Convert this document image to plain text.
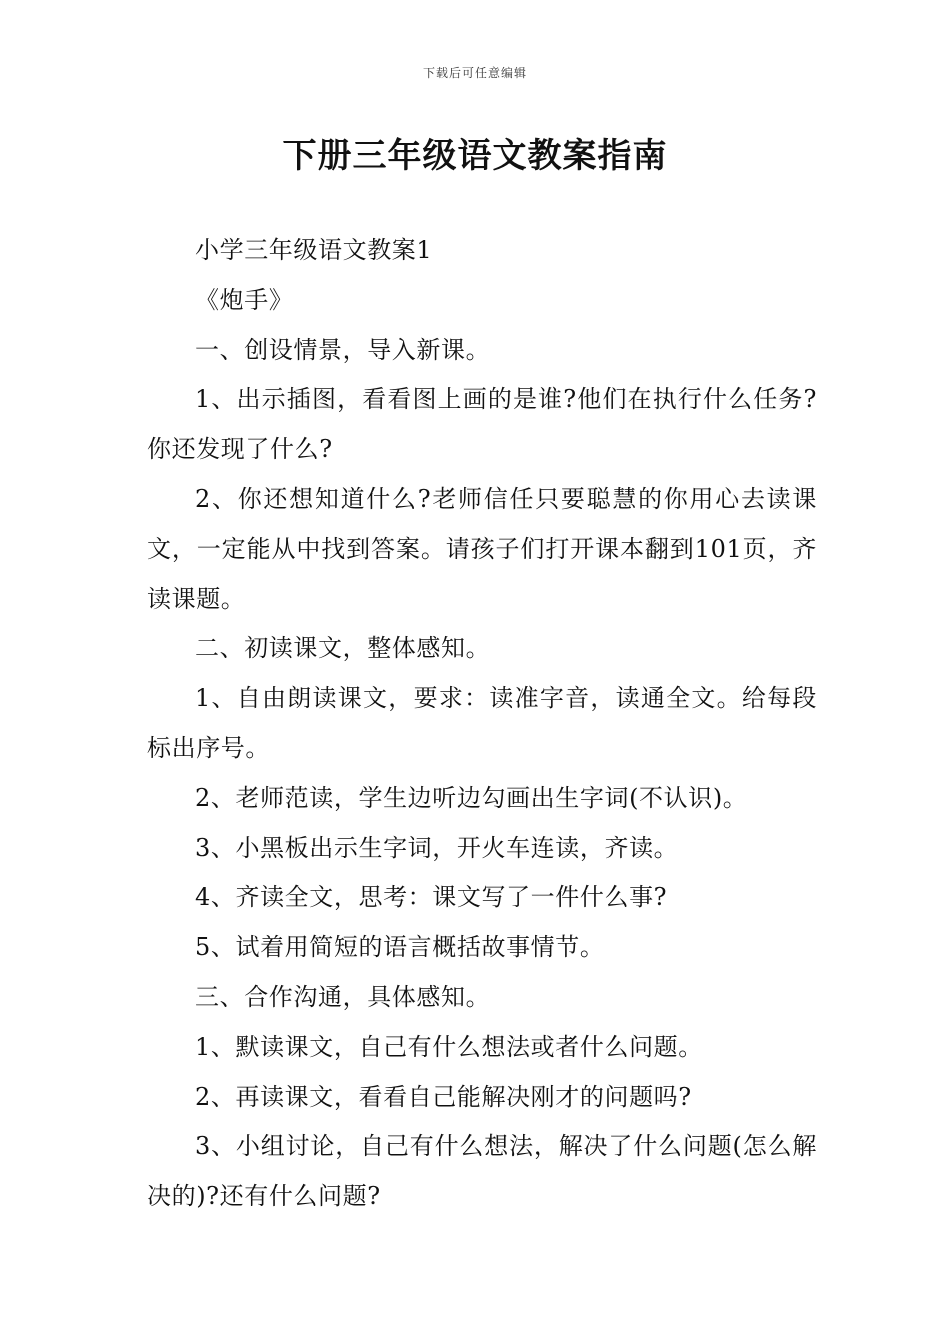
下载后可任意编辑
下册三年级语文教案指南

小学三年级语文教案1

《炮手》

一、创设情景，导入新课。

1、出示插图，看看图上画的是谁?他们在执行什么任务?你还发现了什么?

2、你还想知道什么?老师信任只要聪慧的你用心去读课文，一定能从中找到答案。请孩子们打开课本翻到101页，齐读课题。

二、初读课文，整体感知。

1、自由朗读课文，要求：读准字音，读通全文。给每段标出序号。

2、老师范读，学生边听边勾画出生字词(不认识)。

3、小黑板出示生字词，开火车连读，齐读。

4、齐读全文，思考：课文写了一件什么事?

5、试着用简短的语言概括故事情节。

三、合作沟通，具体感知。

1、默读课文，自己有什么想法或者什么问题。

2、再读课文，看看自己能解决刚才的问题吗?

3、小组讨论，自己有什么想法，解决了什么问题(怎么解决的)?还有什么问题?
